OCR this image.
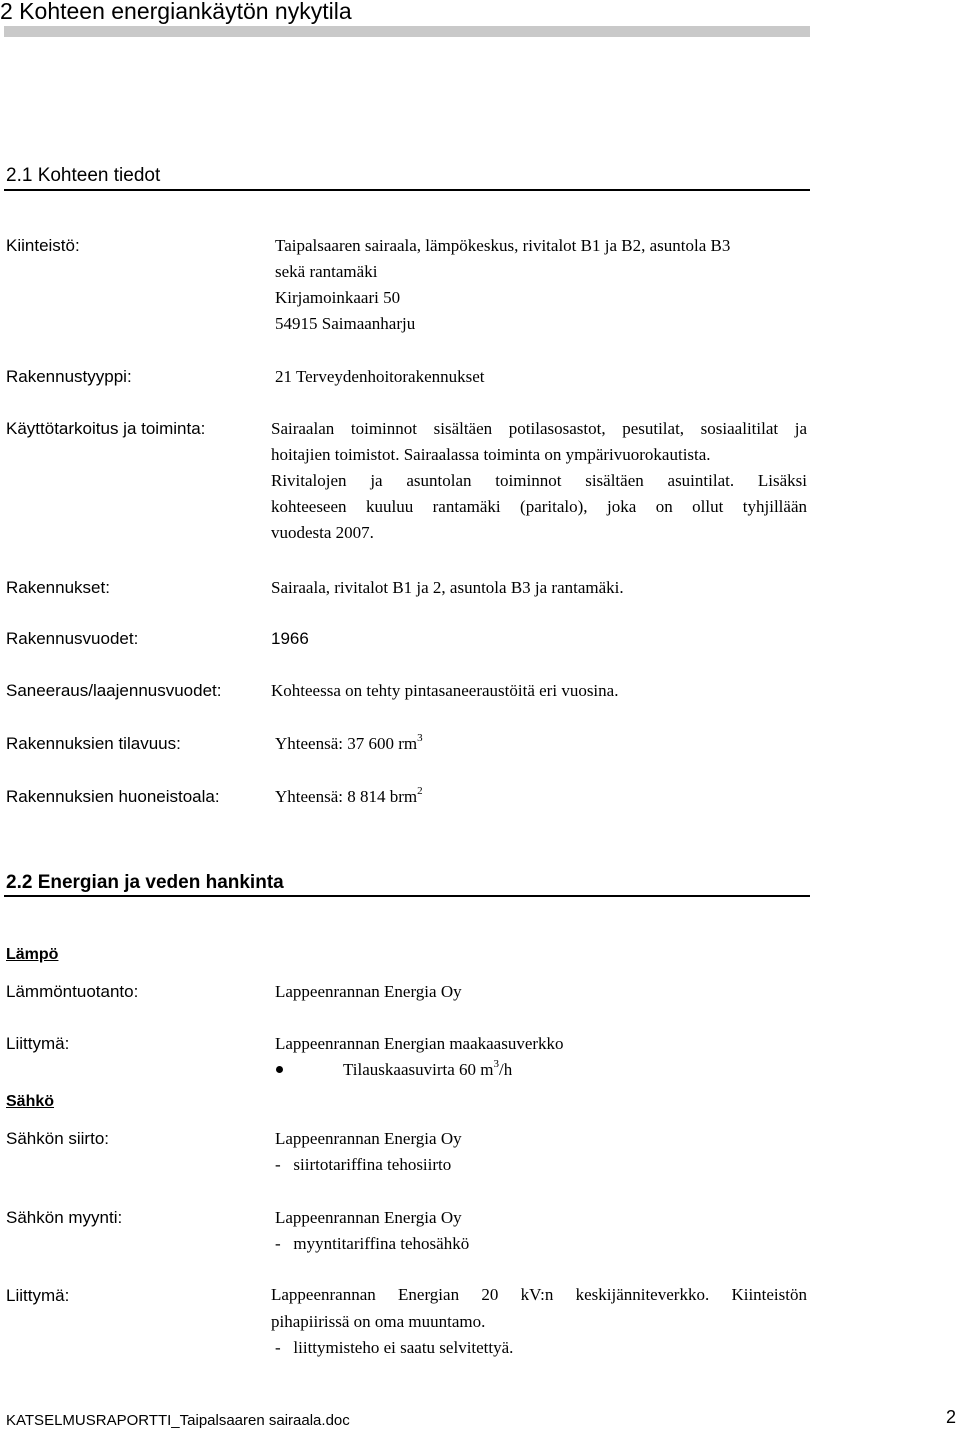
2 Kohteen energiankäytön nykytila
2.1 Kohteen tiedot
Kiinteistö:	Taipalsaaren sairaala, lämpökeskus, rivitalot B1 ja B2, asuntola B3
sekä rantamäki
Kirjamoinkaari 50
54915 Saimaanharju
Rakennustyyppi:	21 Terveydenhoitorakennukset
Käyttötarkoitus ja toiminta:	Sairaalan toiminnot sisältäen potilasosastot, pesutilat, sosiaalitilat ja
hoitajien toimistot. Sairaalassa toiminta on ympärivuorokautista.
Rivitalojen ja asuntolan toiminnot sisältäen asuintilat. Lisäksi
kohteeseen kuuluu rantamäki (paritalo), joka on ollut tyhjillään
vuodesta 2007.
Rakennukset:	Sairaala, rivitalot B1 ja 2, asuntola B3 ja rantamäki.
Rakennusvuodet:	1966
Saneeraus/laajennusvuodet:	Kohteessa on tehty pintasaneeraustöitä eri vuosina.
Rakennuksien tilavuus:	Yhteensä: 37 600 $rm^3$
Rakennuksien huoneistoala:	Yhteensä: 8 814 brm$^2$
2.2 Energian ja veden hankinta
Lämpö
Lämmöntuotanto:	Lappeenrannan Energia Oy
Liittymä:	Lappeenrannan Energian maakaasuverkko
Tilauskaasuvirta 60 $m^3/h$
Sähkö
Sähkön siirto:	Lappeenrannan Energia Oy
-   siirtotariffina tehosiirto
Sähkön myynti:	Lappeenrannan Energia Oy
-   myyntitariffina tehosähkö
Liittymä:	Lappeenrannan Energian 20 kV:n keskijänniteverkko. Kiinteistön
pihapiirissä on oma muuntamo.
-   liittymisteho ei saatu selvitettyä.
KATSELMUSRAPORTTI_Taipalsaaren sairaala.doc	2
